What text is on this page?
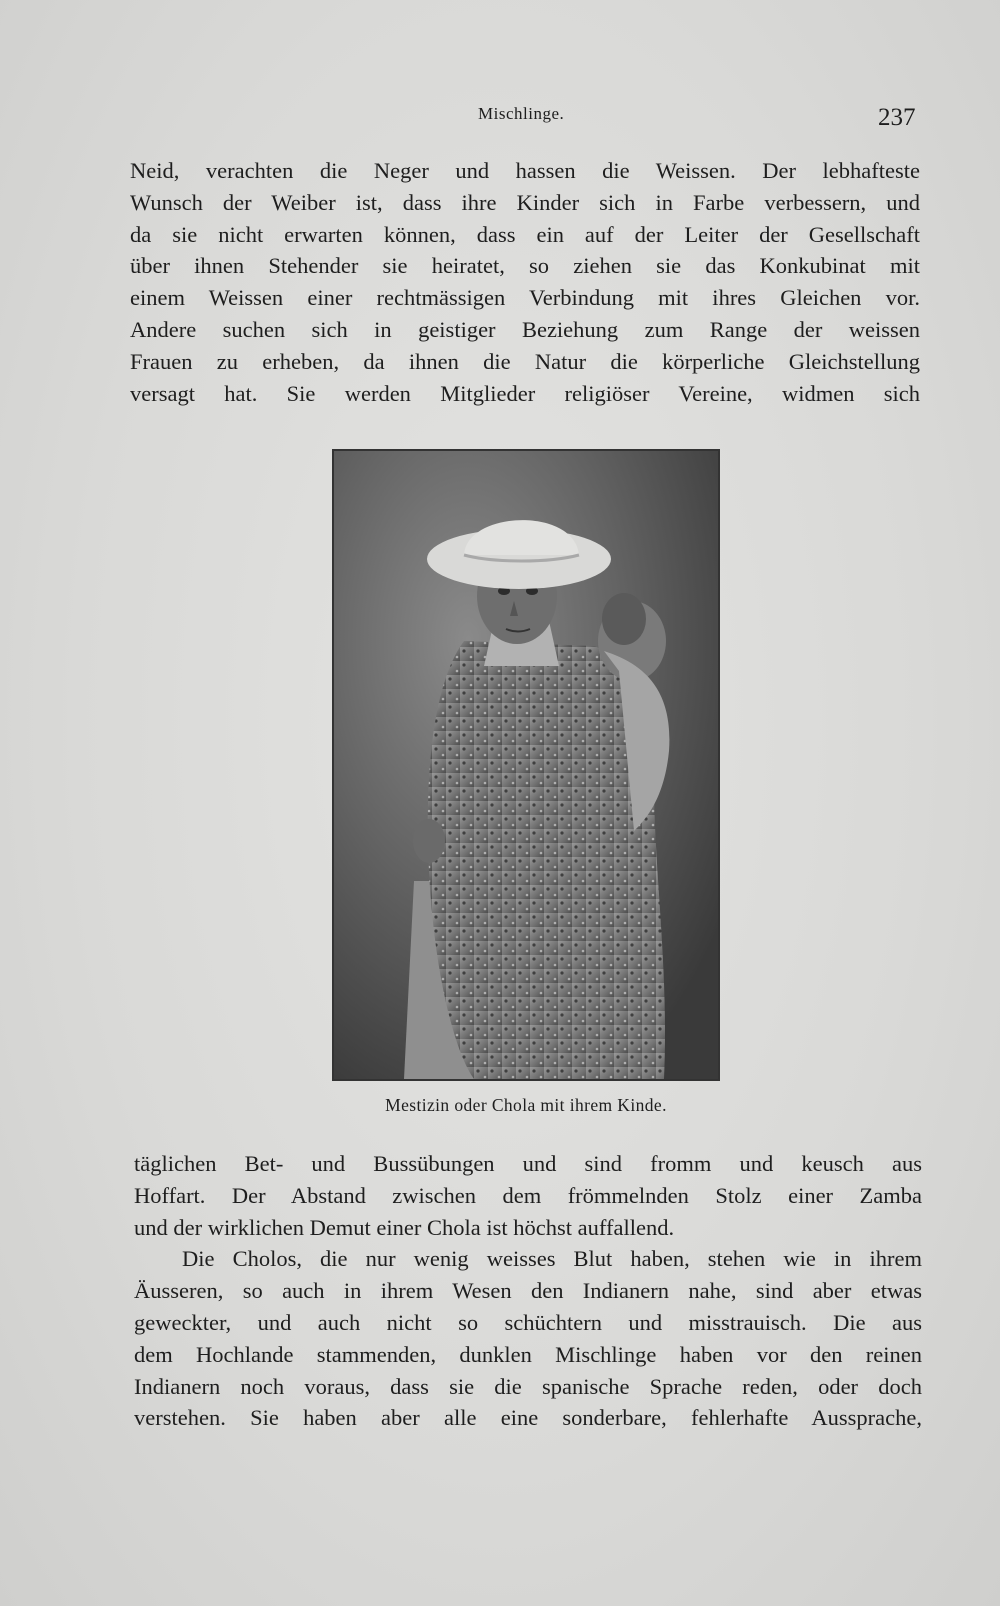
Mischlinge.	237
Neid, verachten die Neger und hassen die Weissen. Der lebhafteste
Wunsch der Weiber ist, dass ihre Kinder sich in Farbe verbessern, und
da sie nicht erwarten können, dass ein auf der Leiter der Gesellschaft
über ihnen Stehender sie heiratet, so ziehen sie das Konkubinat mit
einem Weissen einer rechtmässigen Verbindung mit ihres Gleichen vor.
Andere suchen sich in geistiger Beziehung zum Range der weissen
Frauen zu erheben, da ihnen die Natur die körperliche Gleichstellung
versagt hat. Sie werden Mitglieder religiöser Vereine, widmen sich
Mestizin oder Chola mit ihrem Kinde.
täglichen Bet- und Bussübungen und sind fromm und keusch aus
Hoffart. Der Abstand zwischen dem frömmelnden Stolz einer Zamba
und der wirklichen Demut einer Chola ist höchst auffallend.
Die Cholos, die nur wenig weisses Blut haben, stehen wie in ihrem
Äusseren, so auch in ihrem Wesen den Indianern nahe, sind aber etwas
geweckter, und auch nicht so schüchtern und misstrauisch. Die aus
dem Hochlande stammenden, dunklen Mischlinge haben vor den reinen
Indianern noch voraus, dass sie die spanische Sprache reden, oder doch
verstehen. Sie haben aber alle eine sonderbare, fehlerhafte Aussprache,
